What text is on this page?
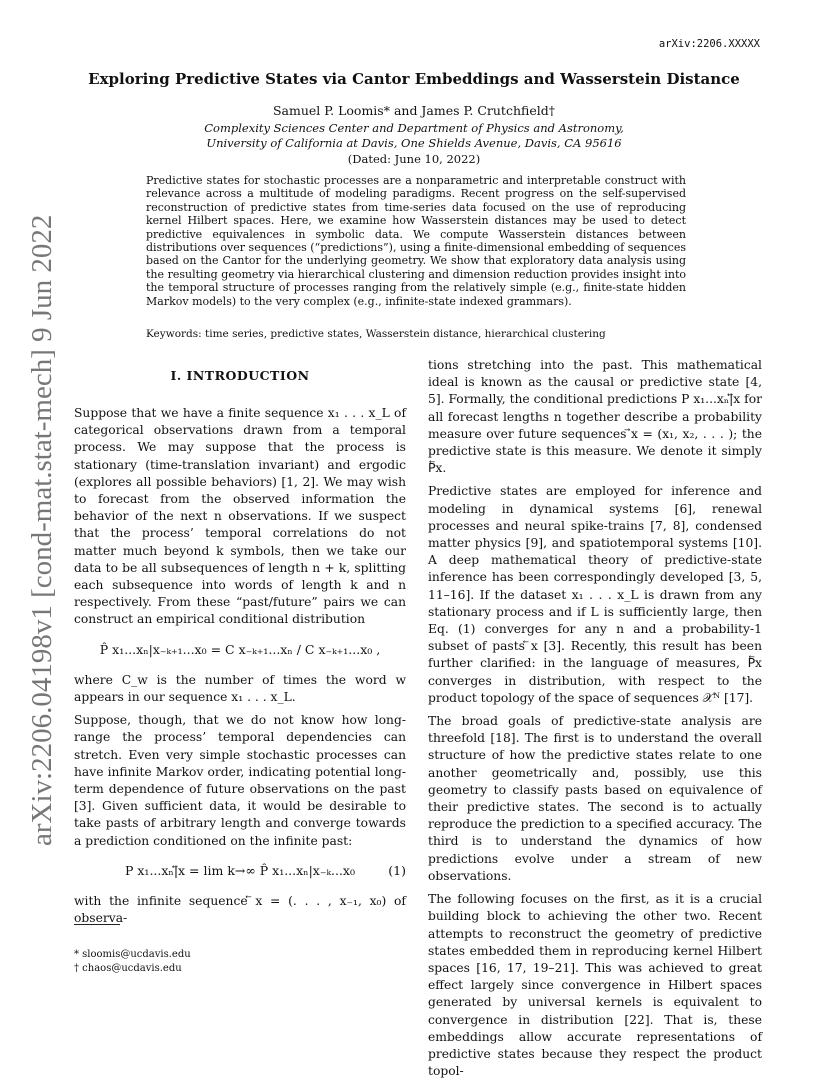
arXiv:2206.XXXXX
arXiv:2206.04198v1 [cond-mat.stat-mech] 9 Jun 2022
Exploring Predictive States via Cantor Embeddings and Wasserstein Distance
Samuel P. Loomis* and James P. Crutchfield†
Complexity Sciences Center and Department of Physics and Astronomy,
University of California at Davis, One Shields Avenue, Davis, CA 95616
(Dated: June 10, 2022)
Predictive states for stochastic processes are a nonparametric and interpretable construct with relevance across a multitude of modeling paradigms. Recent progress on the self-supervised reconstruction of predictive states from time-series data focused on the use of reproducing kernel Hilbert spaces. Here, we examine how Wasserstein distances may be used to detect predictive equivalences in symbolic data. We compute Wasserstein distances between distributions over sequences (“predictions”), using a finite-dimensional embedding of sequences based on the Cantor for the underlying geometry. We show that exploratory data analysis using the resulting geometry via hierarchical clustering and dimension reduction provides insight into the temporal structure of processes ranging from the relatively simple (e.g., finite-state hidden Markov models) to the very complex (e.g., infinite-state indexed grammars).
Keywords: time series, predictive states, Wasserstein distance, hierarchical clustering
I. INTRODUCTION

Suppose that we have a finite sequence x₁ . . . x_L of categorical observations drawn from a temporal process. We may suppose that the process is stationary (time-translation invariant) and ergodic (explores all possible behaviors) [1, 2]. We may wish to forecast from the observed information the behavior of the next n observations. If we suspect that the process’ temporal correlations do not matter much beyond k symbols, then we take our data to be all subsequences of length n + k, splitting each subsequence into words of length k and n respectively. From these “past/future” pairs we can construct an empirical conditional distribution

P̂ x₁...xₙ|x₋ₖ₊₁...x₀ = C x₋ₖ₊₁...xₙ / C x₋ₖ₊₁...x₀ ,

where C_w is the number of times the word w appears in our sequence x₁ . . . x_L.

Suppose, though, that we do not know how long-range the process’ temporal dependencies can stretch. Even very simple stochastic processes can have infinite Markov order, indicating potential long-term dependence of future observations on the past [3]. Given sufficient data, it would be desirable to take pasts of arbitrary length and converge towards a prediction conditioned on the infinite past:

P x₁...xₙ|⃖x = lim k→∞ P̂ x₁...xₙ|x₋ₖ...x₀	(1)

with the infinite sequence ⃖x = (. . . , x₋₁, x₀) of observa-

tions stretching into the past. This mathematical ideal is known as the causal or predictive state [4, 5]. Formally, the conditional predictions P x₁...xₙ|⃖x for all forecast lengths n together describe a probability measure over future sequences ⃗x = (x₁, x₂, . . . ); the predictive state is this measure. We denote it simply P⃖x.

Predictive states are employed for inference and modeling in dynamical systems [6], renewal processes and neural spike-trains [7, 8], condensed matter physics [9], and spatiotemporal systems [10]. A deep mathematical theory of predictive-state inference has been correspondingly developed [3, 5, 11–16]. If the dataset x₁ . . . x_L is drawn from any stationary process and if L is sufficiently large, then Eq. (1) converges for any n and a probability-1 subset of pasts ⃖x [3]. Recently, this result has been further clarified: in the language of measures, P⃖x converges in distribution, with respect to the product topology of the space of sequences 𝒳ᴺ [17].

The broad goals of predictive-state analysis are threefold [18]. The first is to understand the overall structure of how the predictive states relate to one another geometrically and, possibly, use this geometry to classify pasts based on equivalence of their predictive states. The second is to actually reproduce the prediction to a specified accuracy. The third is to understand the dynamics of how predictions evolve under a stream of new observations.

The following focuses on the first, as it is a crucial building block to achieving the other two. Recent attempts to reconstruct the geometry of predictive states embedded them in reproducing kernel Hilbert spaces [16, 17, 19–21]. This was achieved to great effect largely since convergence in Hilbert spaces generated by universal kernels is equivalent to convergence in distribution [22]. That is, these embeddings allow accurate representations of predictive states because they respect the product topol-

* sloomis@ucdavis.edu
† chaos@ucdavis.edu
